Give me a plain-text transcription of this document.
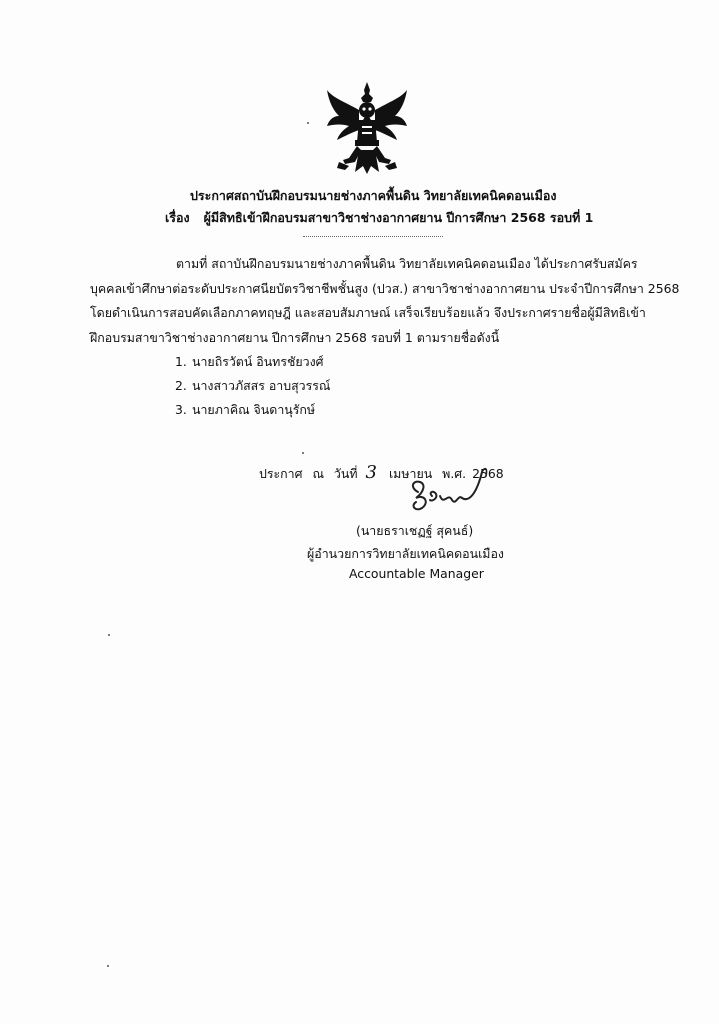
ประกาศสถาบันฝึกอบรมนายช่างภาคพื้นดิน วิทยาลัยเทคนิคดอนเมือง
เรื่อง ผู้มีสิทธิเข้าฝึกอบรมสาขาวิชาช่างอากาศยาน ปีการศึกษา 2568 รอบที่ 1
ตามที่ สถาบันฝึกอบรมนายช่างภาคพื้นดิน วิทยาลัยเทคนิคดอนเมือง ได้ประกาศรับสมัคร
บุคคลเข้าศึกษาต่อระดับประกาศนียบัตรวิชาชีพชั้นสูง (ปวส.) สาขาวิชาช่างอากาศยาน ประจำปีการศึกษา 2568
โดยดำเนินการสอบคัดเลือกภาคทฤษฎี และสอบสัมภาษณ์ เสร็จเรียบร้อยแล้ว จึงประกาศรายชื่อผู้มีสิทธิเข้า
ฝึกอบรมสาขาวิชาช่างอากาศยาน ปีการศึกษา 2568 รอบที่ 1 ตามรายชื่อดังนี้
1. นายถิรวัตน์ อินทรชัยวงศ์
2. นางสาวภัสสร อาบสุวรรณ์
3. นายภาคิณ จินดานุรักษ์
ประกาศ ณ วันที่ 3 เมษายน พ.ศ. 2568
(นายธราเชฏฐ์ สุคนธ์)
ผู้อำนวยการวิทยาลัยเทคนิคดอนเมือง
Accountable Manager
